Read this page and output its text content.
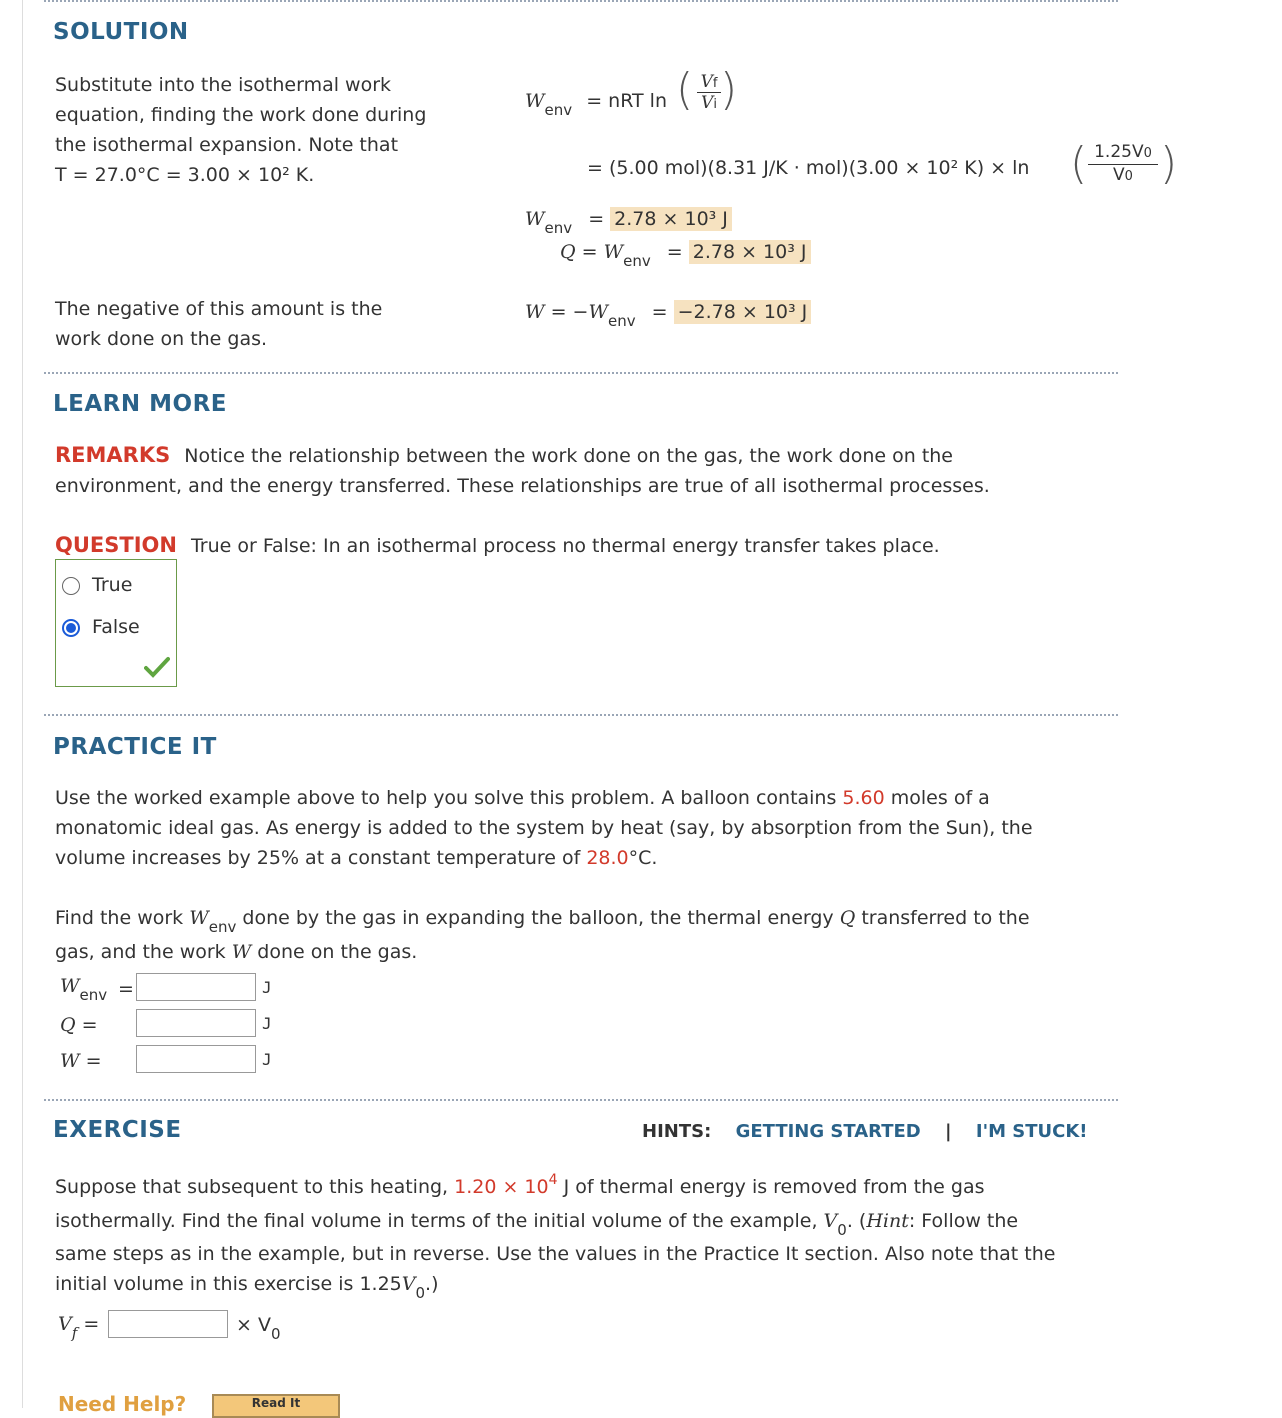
SOLUTION
Substitute into the isothermal work
equation, finding the work done during
the isothermal expansion. Note that
T = 27.0°C = 3.00 × 10² K.
$W_{env}$ = nRT ln ( Vf
Vi )
= (5.00 mol)(8.31 J/K · mol)(3.00 × 10² K) × ln ( 1.25V0
V0 )
$W_{env} = 2.78 \times 10^3$ J
$Q = W_{env} = 2.78 \times 10^3$ J
The negative of this amount is the
work done on the gas.
$W = -W_{env} = -2.78 \times 10^3$ J
LEARN MORE
REMARKS Notice the relationship between the work done on the gas, the work done on the
environment, and the energy transferred. These relationships are true of all isothermal processes.
QUESTION True or False: In an isothermal process no thermal energy transfer takes place.
True
False
PRACTICE IT
Use the worked example above to help you solve this problem. A balloon contains 5.60 moles of a
monatomic ideal gas. As energy is added to the system by heat (say, by absorption from the Sun), the
volume increases by 25% at a constant temperature of 28.0°C.
Find the work $W_{env}$ done by the gas in expanding the balloon, the thermal energy Q transferred to the
gas, and the work W done on the gas.
$W_{env}$ =	J
Q =	J
W =	J
EXERCISE	HINTS: GETTING STARTED | I'M STUCK!
Suppose that subsequent to this heating, $1.20 \times 10^4$ J of thermal energy is removed from the gas
isothermally. Find the final volume in terms of the initial volume of the example, $V_0$. (Hint: Follow the
same steps as in the example, but in reverse. Use the values in the Practice It section. Also note that the
initial volume in this exercise is $1.25V_0$.)
$V_f$ =	× $V_0$
Need Help?	Read It
